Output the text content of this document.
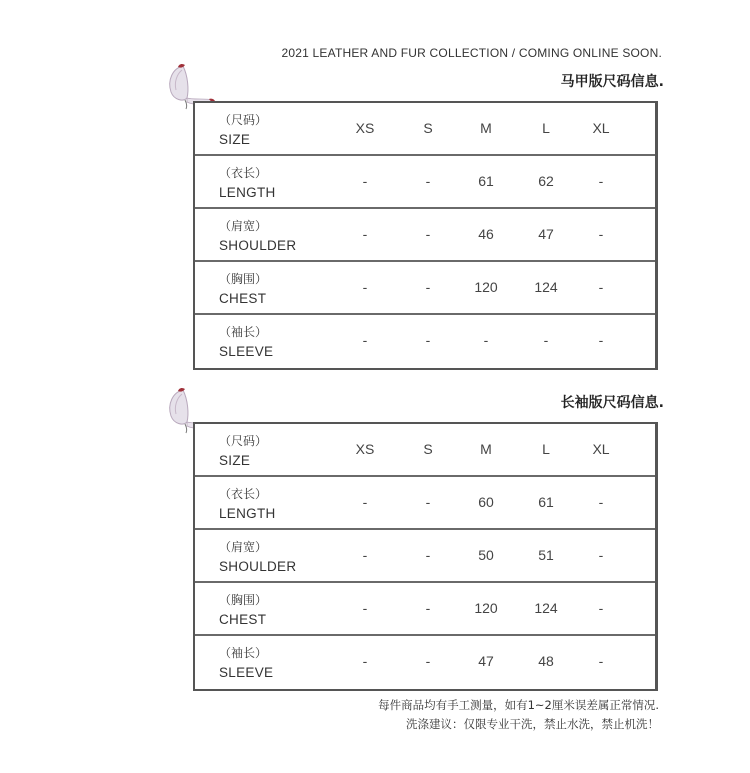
2021 LEATHER AND FUR COLLECTION / COMING ONLINE SOON.
马甲版尺码信息.
（尺码）
SIZE
XS	S	M	L	XL
（衣长）
LENGTH
-	-	61	62	-
（肩宽）
SHOULDER
-	-	46	47	-
（胸围）
CHEST
-	-	120	124	-
（袖长）
SLEEVE
-	-	-	-	-
长袖版尺码信息.
（尺码）
SIZE
XS	S	M	L	XL
（衣长）
LENGTH
-	-	60	61	-
（肩宽）
SHOULDER
-	-	50	51	-
（胸围）
CHEST
-	-	120	124	-
（袖长）
SLEEVE
-	-	47	48	-
每件商品均有手工测量，如有1~2厘米误差属正常情况.
洗涤建议：仅限专业干洗，禁止水洗，禁止机洗！
